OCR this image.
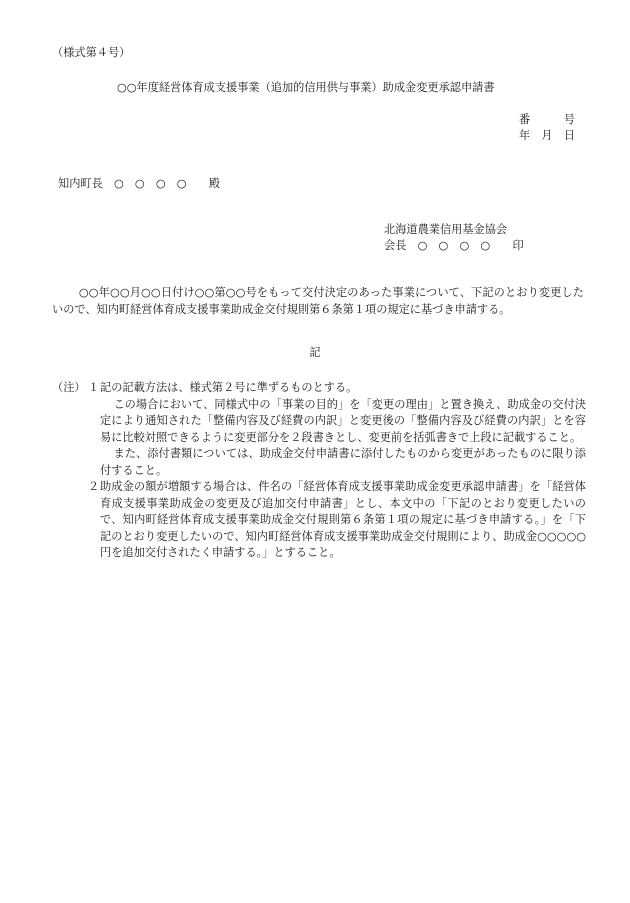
（様式第４号）
○○年度経営体育成支援事業（追加的信用供与事業）助成金変更承認申請書
番　　　号
年　月　日
知内町長　○　○　○　○　　殿
北海道農業信用基金協会
会長　○　○　○　○　　印

○○年○○月○○日付け○○第○○号をもって交付決定のあった事業について、下記のとおり変更したいので、知内町経営体育成支援事業助成金交付規則第６条第１項の規定に基づき申請する。

記
（注） １ 記の記載方法は、様式第２号に準ずるものとする。
この場合において、同様式中の「事業の目的」を「変更の理由」と置き換え、助成金の交付決定により通知された「整備内容及び経費の内訳」と変更後の「整備内容及び経費の内訳」とを容易に比較対照できるように変更部分を２段書きとし、変更前を括弧書きで上段に記載すること。
また、添付書類については、助成金交付申請書に添付したものから変更があったものに限り添付すること。
２ 助成金の額が増額する場合は、件名の「経営体育成支援事業助成金変更承認申請書」を「経営体育成支援事業助成金の変更及び追加交付申請書」とし、本文中の「下記のとおり変更したいので、知内町経営体育成支援事業助成金交付規則第６条第１項の規定に基づき申請する。」を「下記のとおり変更したいので、知内町経営体育成支援事業助成金交付規則により、助成金○○○○○円を追加交付されたく申請する。」とすること。
